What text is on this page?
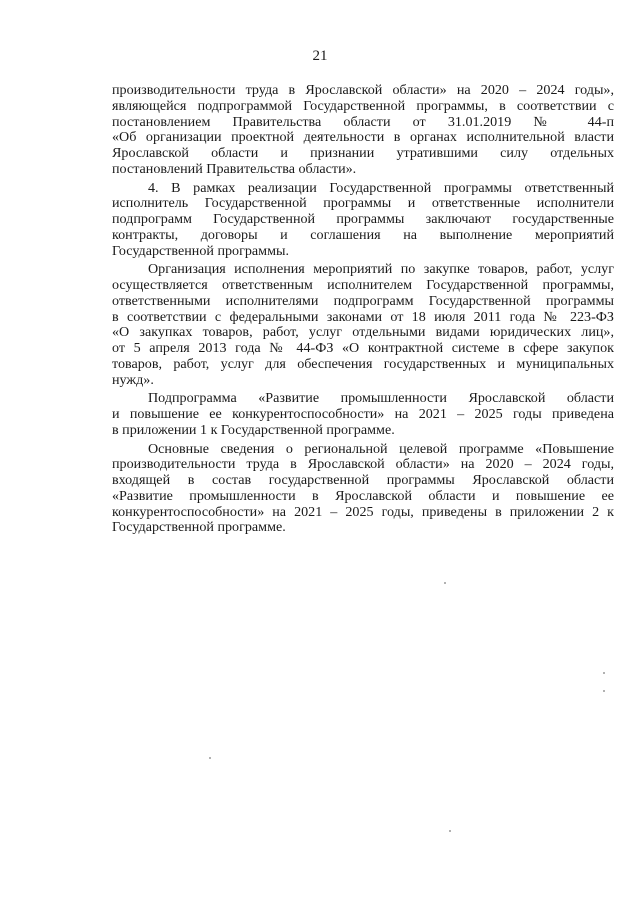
21

производительности труда в Ярославской области» на 2020 – 2024 годы»,
являющейся подпрограммой Государственной программы, в соответствии с
постановлением Правительства области от 31.01.2019 № 44-п
«Об организации проектной деятельности в органах исполнительной власти
Ярославской области и признании утратившими силу отдельных
постановлений Правительства области».

4. В рамках реализации Государственной программы ответственный
исполнитель Государственной программы и ответственные исполнители
подпрограмм Государственной программы заключают государственные
контракты, договоры и соглашения на выполнение мероприятий
Государственной программы.

Организация исполнения мероприятий по закупке товаров, работ, услуг
осуществляется ответственным исполнителем Государственной программы,
ответственными исполнителями подпрограмм Государственной программы
в соответствии с федеральными законами от 18 июля 2011 года № 223-ФЗ
«О закупках товаров, работ, услуг отдельными видами юридических лиц»,
от 5 апреля 2013 года № 44-ФЗ «О контрактной системе в сфере закупок
товаров, работ, услуг для обеспечения государственных и муниципальных
нужд».

Подпрограмма «Развитие промышленности Ярославской области
и повышение ее конкурентоспособности» на 2021 – 2025 годы приведена
в приложении 1 к Государственной программе.

Основные сведения о региональной целевой программе «Повышение
производительности труда в Ярославской области» на 2020 – 2024 годы,
входящей в состав государственной программы Ярославской области
«Развитие промышленности в Ярославской области и повышение ее
конкурентоспособности» на 2021 – 2025 годы, приведены в приложении 2 к
Государственной программе.
